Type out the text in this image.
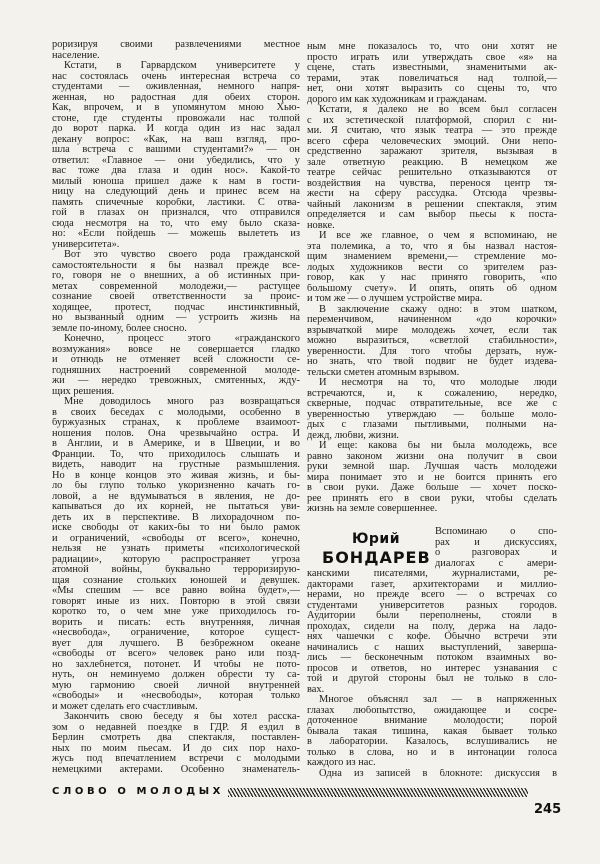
роризируя своими развлечениями местное
население.
Кстати, в Гарвардском университете у
нас состоялась очень интересная встреча со
студентами — оживленная, немного напря-
женная, но радостная для обеих сторон.
Как, впрочем, и в упомянутом мною Хью-
стоне, где студенты провожали нас толпой
до ворот парка. И когда один из нас задал
декану вопрос: «Как, на ваш взгляд, про-
шла встреча с вашими студентами?» — он
ответил: «Главное — они убедились, что у
вас тоже два глаза и один нос». Какой-то
милый юноша пришел даже к нам в гости-
ницу на следующий день и принес всем на
память спичечные коробки, ластики. С отва-
гой в глазах он признался, что отправился
сюда несмотря на то, что ему было сказа-
но: «Если пойдешь — можешь вылететь из
университета».
Вот это чувство своего рода гражданской
самостоятельности я бы назвал прежде все-
го, говоря не о внешних, а об истинных при-
метах современной молодежи,— растущее
сознание своей ответственности за проис-
ходящее, протест, подчас инстинктивный,
но вызванный одним — устроить жизнь на
земле по-иному, более сносно.
Конечно, процесс этого «гражданского
возмужания» вовсе не совершается гладко
и отнюдь не отменяет всей сложности се-
годняшних настроений современной молоде-
жи — нередко тревожных, смятенных, жду-
щих решения.
Мне доводилось много раз возвращаться
в своих беседах с молодыми, особенно в
буржуазных странах, к проблеме взаимоот-
ношения полов. Она чрезвычайно остра. И
в Англии, и в Америке, и в Швеции, и во
Франции. То, что приходилось слышать и
видеть, наводит на грустные размышления.
Но в конце концов это живая жизнь, и бы-
ло бы глупо только укоризненно качать го-
ловой, а не вдумываться в явления, не до-
капываться до их корней, не пытаться уви-
деть их в перспективе. В лихорадочном по-
иске свободы от каких-бы то ни было рамок
и ограничений, «свободы от всего», конечно,
нельзя не узнать приметы «психологической
радиации», которую распространяет угроза
атомной войны, буквально терроризирую-
щая сознание стольких юношей и девушек.
«Мы спешим — все равно война будет»,—
говорят иные из них. Повторю в этой связи
коротко то, о чем мне уже приходилось го-
ворить и писать: есть внутренняя, личная
«несвобода», ограничение, которое сущест-
вует для лучшего. В безбрежном океане
«свободы от всего» человек рано или позд-
но захлебнется, потонет. И чтобы не пото-
нуть, он неминуемо должен обрести ту са-
мую гармонию своей личной внутренней
«свободы» и «несвободы», которая только
и может сделать его счастливым.
Закончить свою беседу я бы хотел расска-
зом о недавней поездке в ГДР. Я ездил в
Берлин смотреть два спектакля, поставлен-
ных по моим пьесам. И до сих пор нахо-
жусь под впечатлением встречи с молодыми
немецкими актерами. Особенно знаменатель-
ным мне показалось то, что они хотят не
просто играть или утверждать свое «я» на
сцене, стать известными, знаменитыми ак-
терами, этак повеличаться над толпой,—
нет, они хотят выразить со сцены то, что
дорого им как художникам и гражданам.
Кстати, я далеко не во всем был согласен
с их эстетической платформой, спорил с ни-
ми. Я считаю, что язык театра — это прежде
всего сфера человеческих эмоций. Они непо-
средственно заражают зрителя, вызывая в
зале ответную реакцию. В немецком же
театре сейчас решительно отказываются от
воздействия на чувства, перенося центр тя-
жести на сферу рассудка. Отсюда чрезвы-
чайный лаконизм в решении спектакля, этим
определяется и сам выбор пьесы к поста-
новке.
И все же главное, о чем я вспоминаю, не
эта полемика, а то, что я бы назвал настоя-
щим знамением времени,— стремление мо-
лодых художников вести со зрителем раз-
говор, как у нас принято говорить, «по
большому счету». И опять, опять об одном
и том же — о лучшем устройстве мира.
В заключение скажу одно: в этом шатком,
переменчивом, начиненном «до корочки»
взрывчаткой мире молодежь хочет, если так
можно выразиться, «светлой стабильности»,
уверенности. Для того чтобы дерзать, нуж-
но знать, что твой подвиг не будет издева-
тельски сметен атомным взрывом.
И несмотря на то, что молодые люди
встречаются, и, к сожалению, нередко,
скверные, подчас отвратительные, все же с
уверенностью утверждаю — больше моло-
дых с глазами пытливыми, полными на-
дежд, любви, жизни.
И еще: какова бы ни была молодежь, все
равно законом жизни она получит в свои
руки земной шар. Лучшая часть молодежи
мира понимает это и не боится принять его
в свои руки. Даже больше — хочет поско-
рее принять его в свои руки, чтобы сделать
жизнь на земле совершеннее.
Юрий
БОНДАРЕВ
Вспоминаю о спо-
рах и дискуссиях,
о разговорах и
диалогах с амери-
канскими писателями, журналистами, ре-
дакторами газет, архитекторами и миллио-
нерами, но прежде всего — о встречах со
студентами университетов разных городов.
Аудитории были переполнены, стояли в
проходах, сидели на полу, держа на ладо-
нях чашечки с кофе. Обычно встречи эти
начинались с наших выступлений, заверша-
лись — бесконечным потоком взаимных во-
просов и ответов, но интерес узнавания с
той и другой стороны был не только в сло-
вах.
Многое объяснял зал — в напряженных
глазах любопытство, ожидающее и сосре-
доточенное внимание молодости; порой
бывала такая тишина, какая бывает только
в лаборатории. Казалось, вслушивались не
только в слова, но и в интонации голоса
каждого из нас.
Одна из записей в блокноте: дискуссия в
СЛОВО О МОЛОДЫХ
245
